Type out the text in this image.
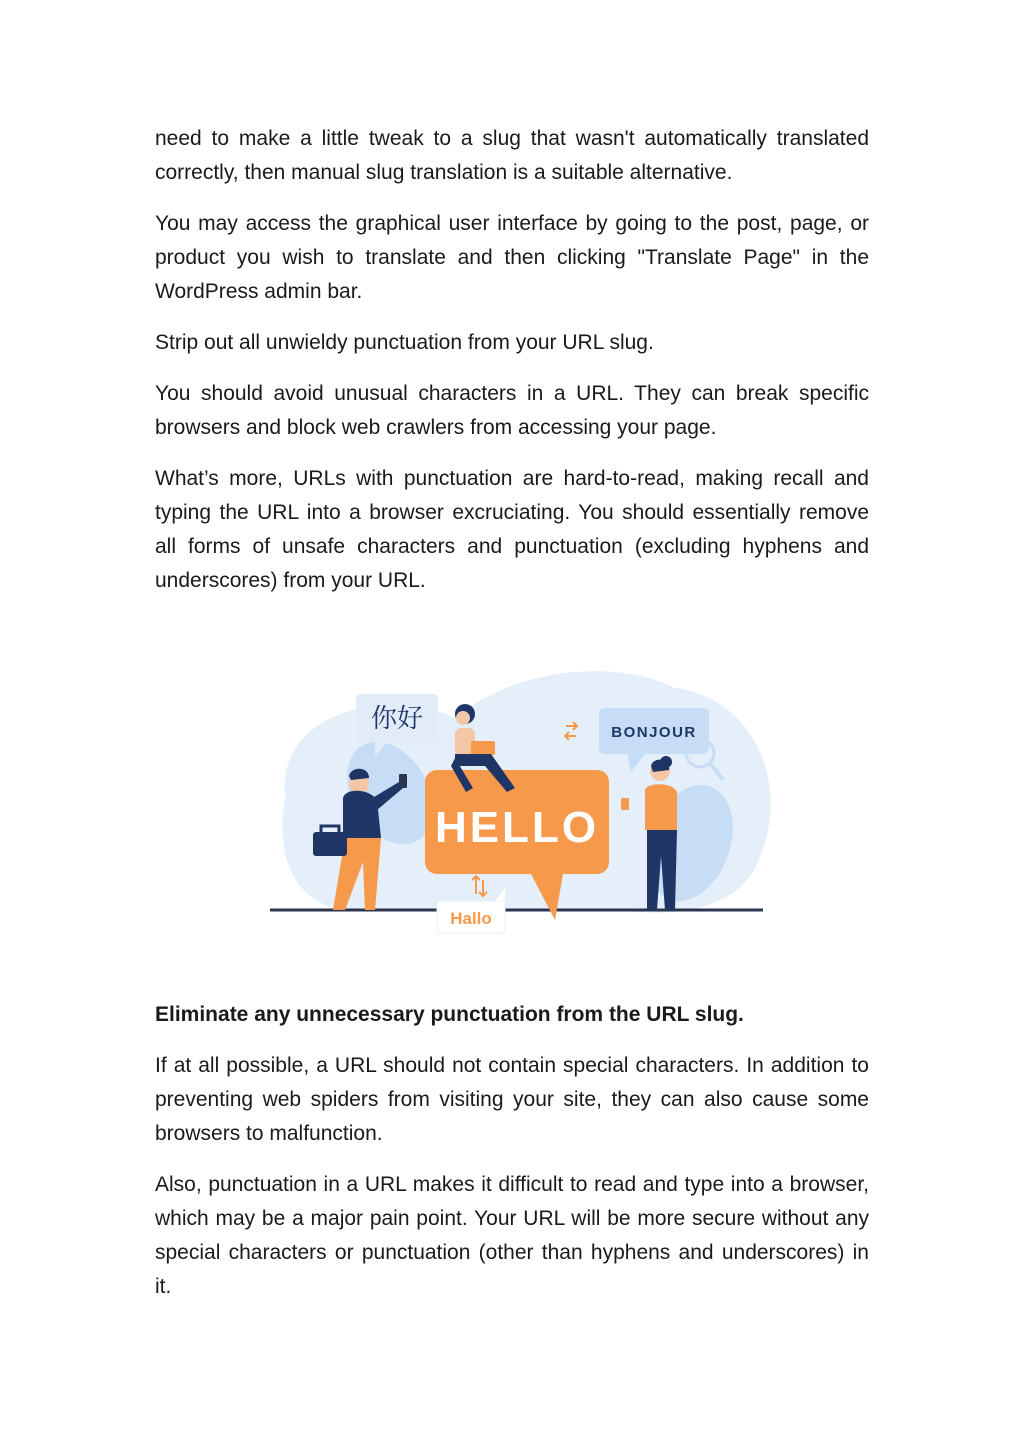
need to make a little tweak to a slug that wasn't automatically translated correctly, then manual slug translation is a suitable alternative.

You may access the graphical user interface by going to the post, page, or product you wish to translate and then clicking "Translate Page" in the WordPress admin bar.

Strip out all unwieldy punctuation from your URL slug.

You should avoid unusual characters in a URL. They can break specific browsers and block web crawlers from accessing your page.

What’s more, URLs with punctuation are hard-to-read, making recall and typing the URL into a browser excruciating. You should essentially remove all forms of unsafe characters and punctuation (excluding hyphens and underscores) from your URL.

你好	BONJOUR
HELLO
Hallo

Eliminate any unnecessary punctuation from the URL slug.

If at all possible, a URL should not contain special characters. In addition to preventing web spiders from visiting your site, they can also cause some browsers to malfunction.

Also, punctuation in a URL makes it difficult to read and type into a browser, which may be a major pain point. Your URL will be more secure without any special characters or punctuation (other than hyphens and underscores) in it.
